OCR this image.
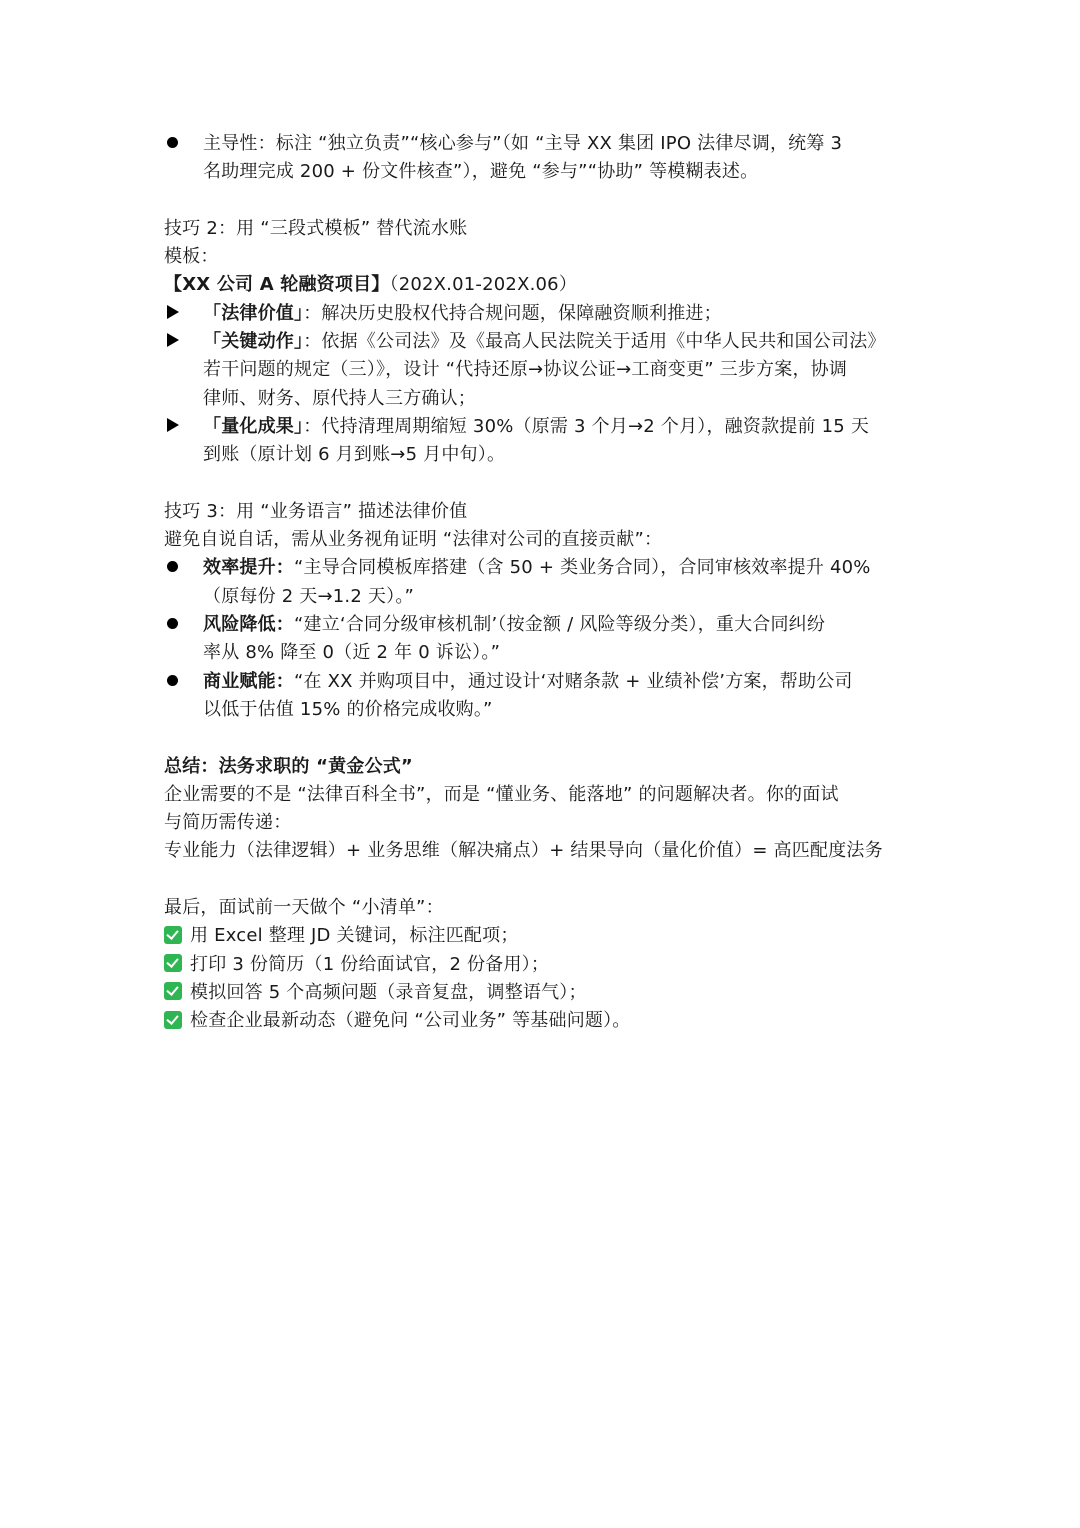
主导性：标注 “独立负责”“核心参与”（如 “主导 XX 集团 IPO 法律尽调，统筹 3
名助理完成 200 + 份文件核查”），避免 “参与”“协助” 等模糊表述。
技巧 2：用 “三段式模板” 替代流水账
模板：
【XX 公司 A 轮融资项目】（202X.01-202X.06）
「法律价值」：解决历史股权代持合规问题，保障融资顺利推进；
「关键动作」：依据《公司法》及《最高人民法院关于适用《中华人民共和国公司法》
若干问题的规定（三）》，设计 “代持还原→协议公证→工商变更” 三步方案，协调
律师、财务、原代持人三方确认；
「量化成果」：代持清理周期缩短 30%（原需 3 个月→2 个月），融资款提前 15 天
到账（原计划 6 月到账→5 月中旬）。
技巧 3：用 “业务语言” 描述法律价值
避免自说自话，需从业务视角证明 “法律对公司的直接贡献”：
效率提升：“主导合同模板库搭建（含 50 + 类业务合同），合同审核效率提升 40%
（原每份 2 天→1.2 天）。”
风险降低：“建立‘合同分级审核机制’（按金额 / 风险等级分类），重大合同纠纷
率从 8% 降至 0（近 2 年 0 诉讼）。”
商业赋能：“在 XX 并购项目中，通过设计‘对赌条款 + 业绩补偿’方案，帮助公司
以低于估值 15% 的价格完成收购。”
总结：法务求职的 “黄金公式”
企业需要的不是 “法律百科全书”，而是 “懂业务、能落地” 的问题解决者。你的面试
与简历需传递：
专业能力（法律逻辑）+ 业务思维（解决痛点）+ 结果导向（量化价值）= 高匹配度法务
最后，面试前一天做个 “小清单”：
用 Excel 整理 JD 关键词，标注匹配项；
打印 3 份简历（1 份给面试官，2 份备用）；
模拟回答 5 个高频问题（录音复盘，调整语气）；
检查企业最新动态（避免问 “公司业务” 等基础问题）。
